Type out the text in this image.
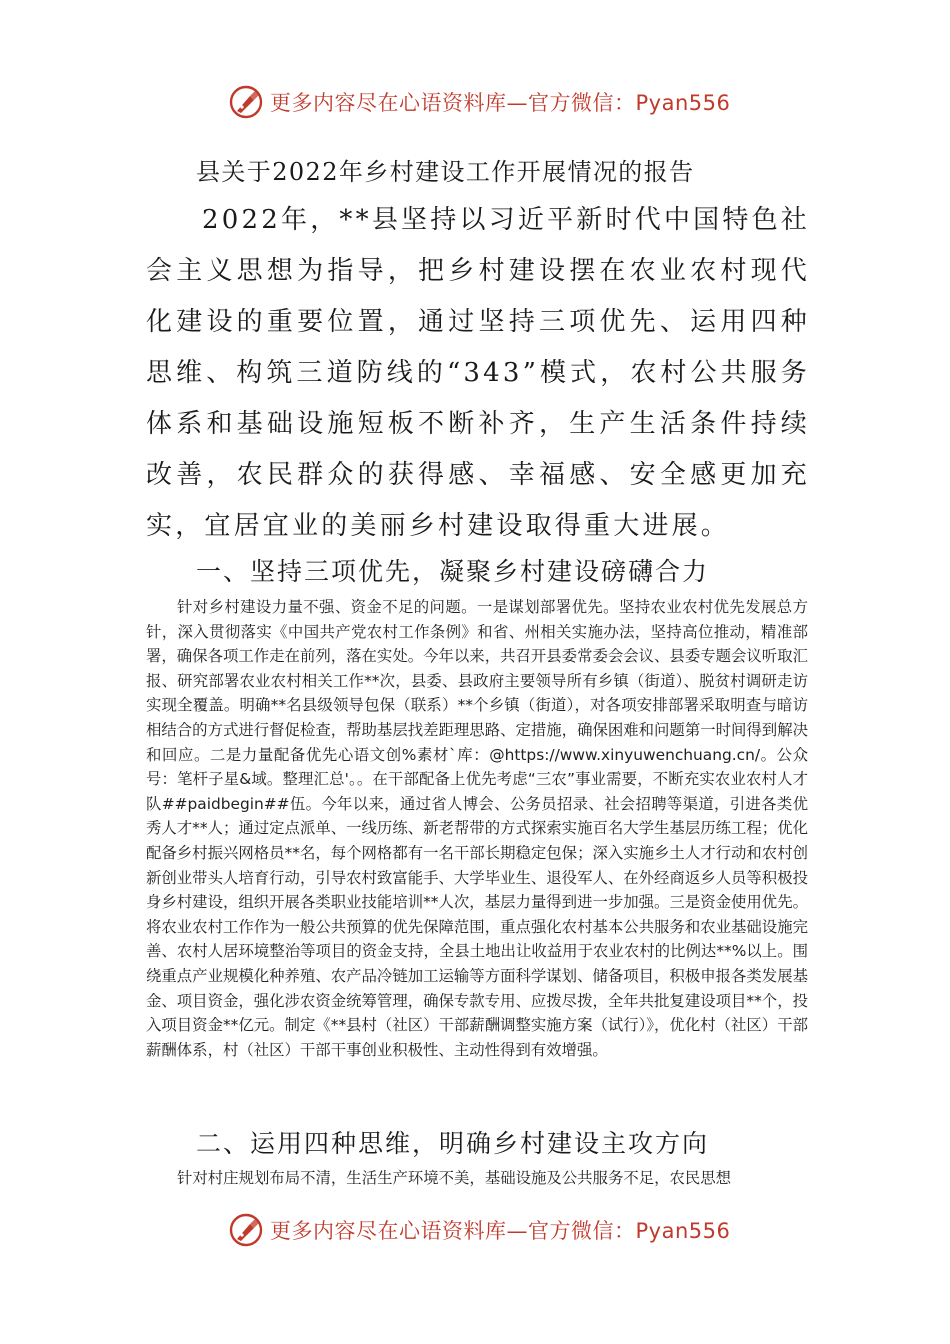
更多内容尽在心语资料库—官方微信：Pyan556
县关于2022年乡村建设工作开展情况的报告

2022年，**县坚持以习近平新时代中国特色社会主义思想为指导，把乡村建设摆在农业农村现代化建设的重要位置，通过坚持三项优先、运用四种思维、构筑三道防线的“343”模式，农村公共服务体系和基础设施短板不断补齐，生产生活条件持续改善，农民群众的获得感、幸福感、安全感更加充实，宜居宜业的美丽乡村建设取得重大进展。

一、坚持三项优先，凝聚乡村建设磅礴合力

针对乡村建设力量不强、资金不足的问题。一是谋划部署优先。坚持农业农村优先发展总方针，深入贯彻落实《中国共产党农村工作条例》和省、州相关实施办法，坚持高位推动，精准部署，确保各项工作走在前列，落在实处。今年以来，共召开县委常委会会议、县委专题会议听取汇报、研究部署农业农村相关工作**次，县委、县政府主要领导所有乡镇（街道）、脱贫村调研走访实现全覆盖。明确**名县级领导包保（联系）**个乡镇（街道），对各项安排部署采取明查与暗访相结合的方式进行督促检查，帮助基层找差距理思路、定措施，确保困难和问题第一时间得到解决和回应。二是力量配备优先心语文创%素材`库：@https://www.xinyuwenchuang.cn/。公众号：笔杆子星&域。整理汇总'。。在干部配备上优先考虑“三农”事业需要，不断充实农业农村人才队##paidbegin##伍。今年以来，通过省人博会、公务员招录、社会招聘等渠道，引进各类优秀人才**人；通过定点派单、一线历练、新老帮带的方式探索实施百名大学生基层历练工程；优化配备乡村振兴网格员**名，每个网格都有一名干部长期稳定包保；深入实施乡土人才行动和农村创新创业带头人培育行动，引导农村致富能手、大学毕业生、退役军人、在外经商返乡人员等积极投身乡村建设，组织开展各类职业技能培训**人次，基层力量得到进一步加强。三是资金使用优先。将农业农村工作作为一般公共预算的优先保障范围，重点强化农村基本公共服务和农业基础设施完善、农村人居环境整治等项目的资金支持，全县土地出让收益用于农业农村的比例达**%以上。围绕重点产业规模化种养殖、农产品冷链加工运输等方面科学谋划、储备项目，积极申报各类发展基金、项目资金，强化涉农资金统筹管理，确保专款专用、应拨尽拨，全年共批复建设项目**个，投入项目资金**亿元。制定《**县村（社区）干部薪酬调整实施方案（试行）》，优化村（社区）干部薪酬体系，村（社区）干部干事创业积极性、主动性得到有效增强。

二、运用四种思维，明确乡村建设主攻方向

针对村庄规划布局不清，生活生产环境不美，基础设施及公共服务不足，农民思想

更多内容尽在心语资料库—官方微信：Pyan556
